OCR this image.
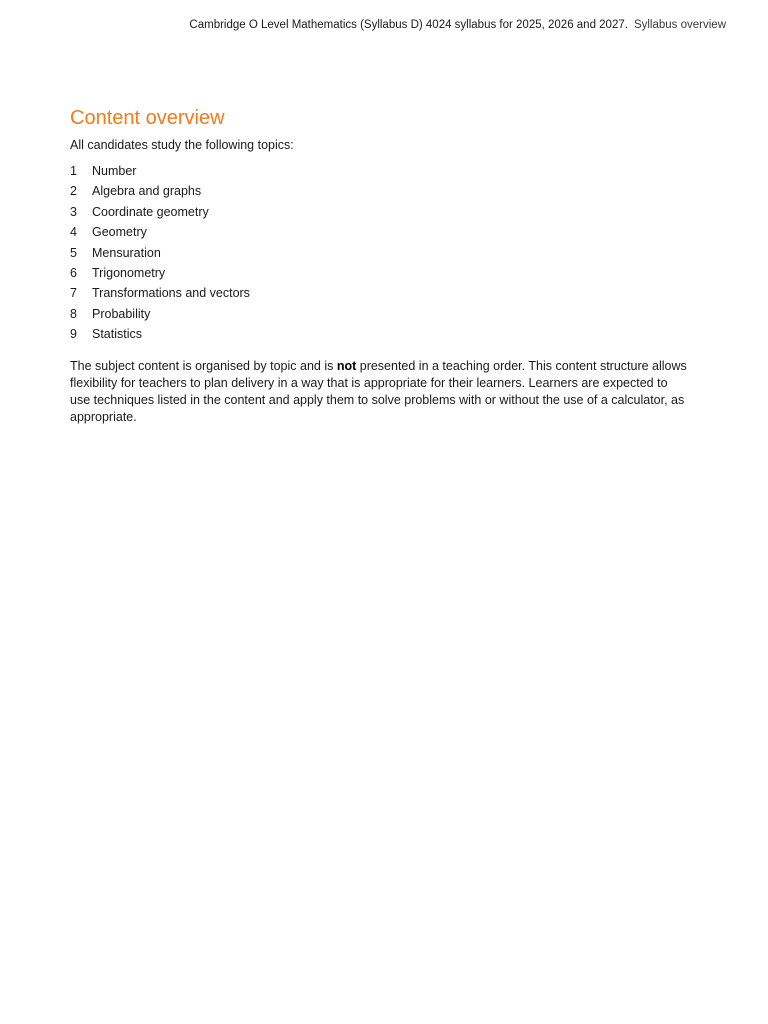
Cambridge O Level Mathematics (Syllabus D) 4024 syllabus for 2025, 2026 and 2027. Syllabus overview
Content overview

All candidates study the following topics:

1	Number
2	Algebra and graphs
3	Coordinate geometry
4	Geometry
5	Mensuration
6	Trigonometry
7	Transformations and vectors
8	Probability
9	Statistics

The subject content is organised by topic and is not presented in a teaching order. This content structure allows flexibility for teachers to plan delivery in a way that is appropriate for their learners. Learners are expected to use techniques listed in the content and apply them to solve problems with or without the use of a calculator, as appropriate.
